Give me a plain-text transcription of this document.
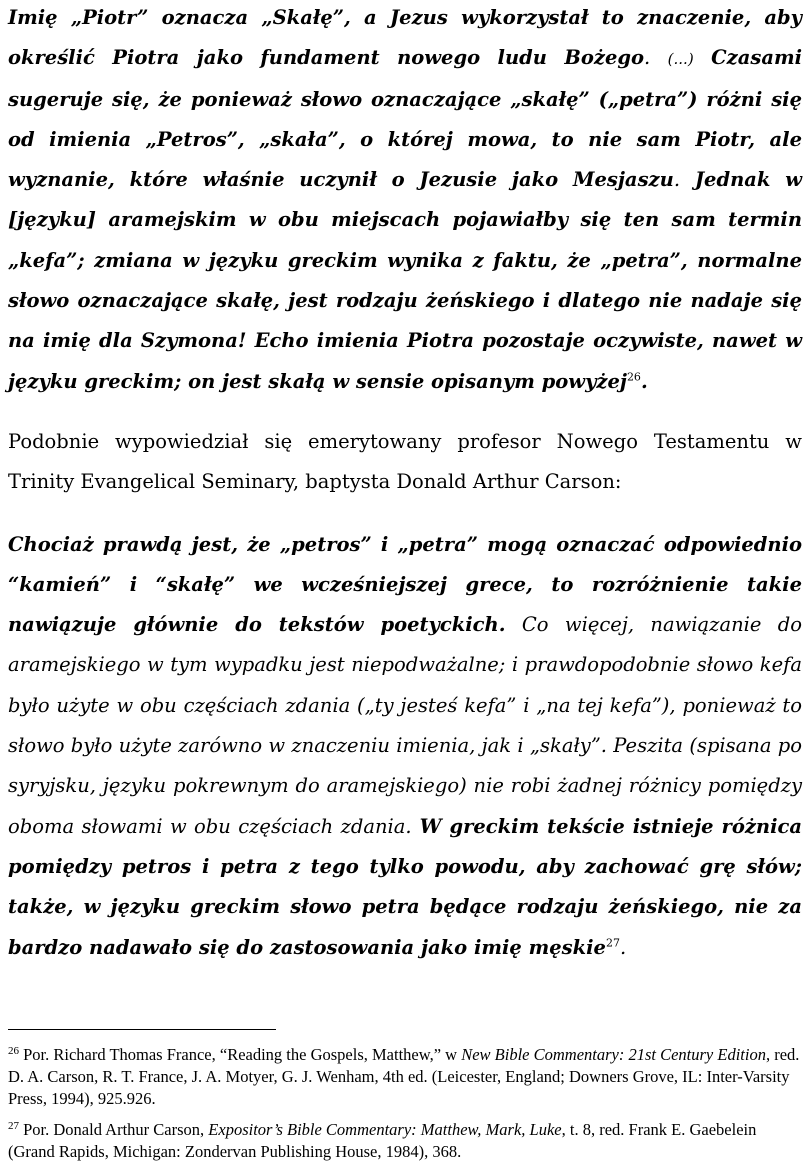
Imię „Piotr” oznacza „Skałę”, a Jezus wykorzystał to znaczenie, aby określić Piotra jako fundament nowego ludu Bożego. (...) Czasami sugeruje się, że ponieważ słowo oznaczające „skałę” („petra”) różni się od imienia „Petros”, „skała”, o której mowa, to nie sam Piotr, ale wyznanie, które właśnie uczynił o Jezusie jako Mesjaszu. Jednak w [języku] aramejskim w obu miejscach pojawiałby się ten sam termin „kefa”; zmiana w języku greckim wynika z faktu, że „petra”, normalne słowo oznaczające skałę, jest rodzaju żeńskiego i dlatego nie nadaje się na imię dla Szymona! Echo imienia Piotra pozostaje oczywiste, nawet w języku greckim; on jest skałą w sensie opisanym powyżej$^{26}$.

Podobnie wypowiedział się emerytowany profesor Nowego Testamentu w Trinity Evangelical Seminary, baptysta Donald Arthur Carson:

Chociaż prawdą jest, że „petros” i „petra” mogą oznaczać odpowiednio “kamień” i “skałę” we wcześniejszej grece, to rozróżnienie takie nawiązuje głównie do tekstów poetyckich. Co więcej, nawiązanie do aramejskiego w tym wypadku jest niepodważalne; i prawdopodobnie słowo kefa było użyte w obu częściach zdania („ty jesteś kefa” i „na tej kefa”), ponieważ to słowo było użyte zarówno w znaczeniu imienia, jak i „skały”. Peszita (spisana po syryjsku, języku pokrewnym do aramejskiego) nie robi żadnej różnicy pomiędzy oboma słowami w obu częściach zdania. W greckim tekście istnieje różnica pomiędzy petros i petra z tego tylko powodu, aby zachować grę słów; także, w języku greckim słowo petra będące rodzaju żeńskiego, nie za bardzo nadawało się do zastosowania jako imię męskie$^{27}$.

$^{26}$ Por. Richard Thomas France, “Reading the Gospels, Matthew,” w New Bible Commentary: 21st Century Edition, red. D. A. Carson, R. T. France, J. A. Motyer, G. J. Wenham, 4th ed. (Leicester, England; Downers Grove, IL: Inter-Varsity Press, 1994), 925.926.

$^{27}$ Por. Donald Arthur Carson, Expositor’s Bible Commentary: Matthew, Mark, Luke, t. 8, red. Frank E. Gaebelein (Grand Rapids, Michigan: Zondervan Publishing House, 1984), 368.
